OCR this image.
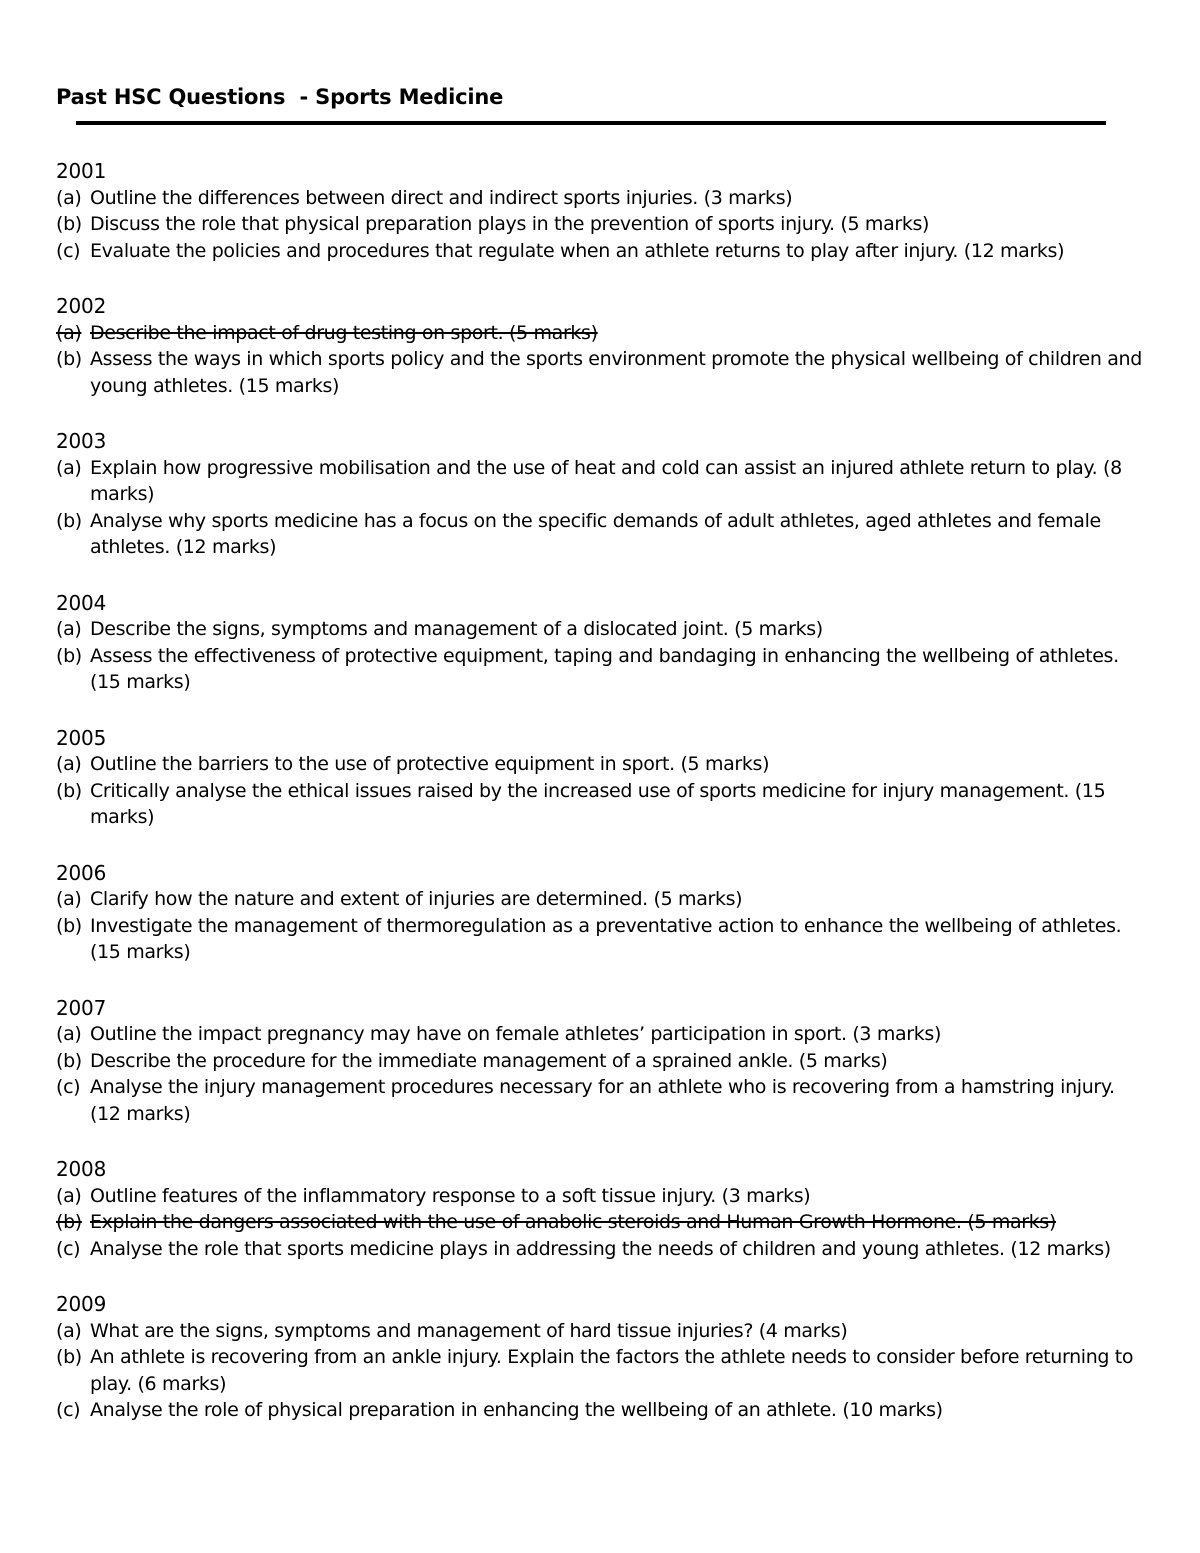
Past HSC Questions  - Sports Medicine
2001
(a) Outline the differences between direct and indirect sports injuries. (3 marks)
(b) Discuss the role that physical preparation plays in the prevention of sports injury. (5 marks)
(c) Evaluate the policies and procedures that regulate when an athlete returns to play after injury. (12 marks)
2002
(a) Describe the impact of drug testing on sport. (5 marks)
(b) Assess the ways in which sports policy and the sports environment promote the physical wellbeing of children and young athletes. (15 marks)
2003
(a) Explain how progressive mobilisation and the use of heat and cold can assist an injured athlete return to play. (8 marks)
(b) Analyse why sports medicine has a focus on the specific demands of adult athletes, aged athletes and female athletes. (12 marks)
2004
(a) Describe the signs, symptoms and management of a dislocated joint. (5 marks)
(b) Assess the effectiveness of protective equipment, taping and bandaging in enhancing the wellbeing of athletes. (15 marks)
2005
(a) Outline the barriers to the use of protective equipment in sport. (5 marks)
(b) Critically analyse the ethical issues raised by the increased use of sports medicine for injury management. (15 marks)
2006
(a) Clarify how the nature and extent of injuries are determined. (5 marks)
(b) Investigate the management of thermoregulation as a preventative action to enhance the wellbeing of athletes. (15 marks)
2007
(a) Outline the impact pregnancy may have on female athletes’ participation in sport. (3 marks)
(b) Describe the procedure for the immediate management of a sprained ankle. (5 marks)
(c) Analyse the injury management procedures necessary for an athlete who is recovering from a hamstring injury. (12 marks)
2008
(a) Outline features of the inflammatory response to a soft tissue injury. (3 marks)
(b) Explain the dangers associated with the use of anabolic steroids and Human Growth Hormone. (5 marks)
(c) Analyse the role that sports medicine plays in addressing the needs of children and young athletes. (12 marks)
2009
(a) What are the signs, symptoms and management of hard tissue injuries? (4 marks)
(b) An athlete is recovering from an ankle injury. Explain the factors the athlete needs to consider before returning to play. (6 marks)
(c) Analyse the role of physical preparation in enhancing the wellbeing of an athlete. (10 marks)
